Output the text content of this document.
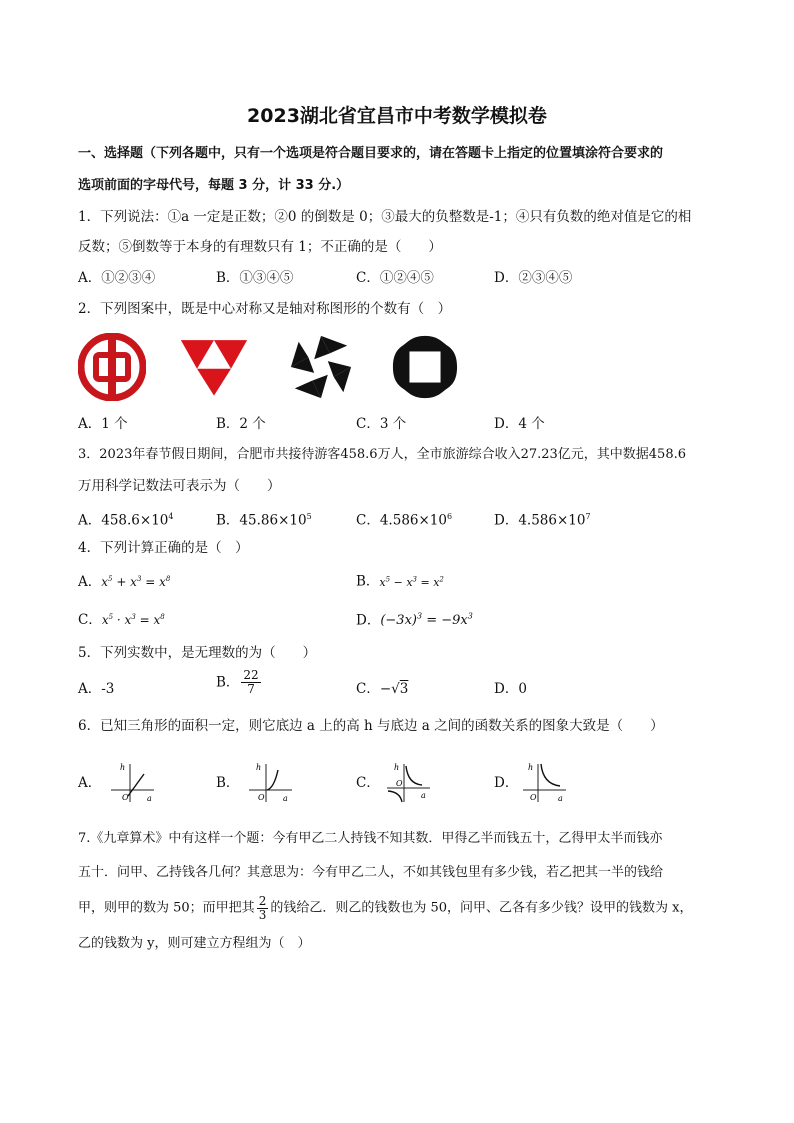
2023湖北省宜昌市中考数学模拟卷
一、选择题（下列各题中，只有一个选项是符合题目要求的，请在答题卡上指定的位置填涂符合要求的
选项前面的字母代号，每题 3 分，计 33 分.）
1．下列说法：①a 一定是正数；②0 的倒数是 0；③最大的负整数是-1；④只有负数的绝对值是它的相
反数；⑤倒数等于本身的有理数只有 1；不正确的是（　　）
A．①②③④	B．①③④⑤	C．①②④⑤	D．②③④⑤
2．下列图案中，既是中心对称又是轴对称图形的个数有（　）
A．1 个	B．2 个	C．3 个	D．4 个
3．2023年春节假日期间，合肥市共接待游客458.6万人，全市旅游综合收入27.23亿元，其中数据458.6
万用科学记数法可表示为（　　）
A．$458.6\times 10^4$	B．$45.86\times 10^5$	C．$4.586\times 10^6$	D．$4.586\times 10^7$
4．下列计算正确的是（　）
A．$x^5 + x^3 = x^8$	B．$x^5 - x^3 = x^2$
C．$x^5 \cdot x^3 = x^8$	D．$(-3x)^3 = -9x^3$
5．下列实数中，是无理数的为（　　）
A．-3	B． $\frac{22}{7}$	C．−√3	D．0
6．已知三角形的面积一定，则它底边 a 上的高 h 与底边 a 之间的函数关系的图象大致是（　　）
A．
h
O a
B．
h
O a
C．
h
O
a
D．
h
O	a
7.《九章算术》中有这样一个题：今有甲乙二人持钱不知其数．甲得乙半而钱五十，乙得甲太半而钱亦
五十．问甲、乙持钱各几何？其意思为：今有甲乙二人，不如其钱包里有多少钱，若乙把其一半的钱给
甲，则甲的数为 50；而甲把其 $\frac{2}{3}$ 的钱给乙．则乙的钱数也为 50，问甲、乙各有多少钱？设甲的钱数为 x，
乙的钱数为 y，则可建立方程组为（　）
